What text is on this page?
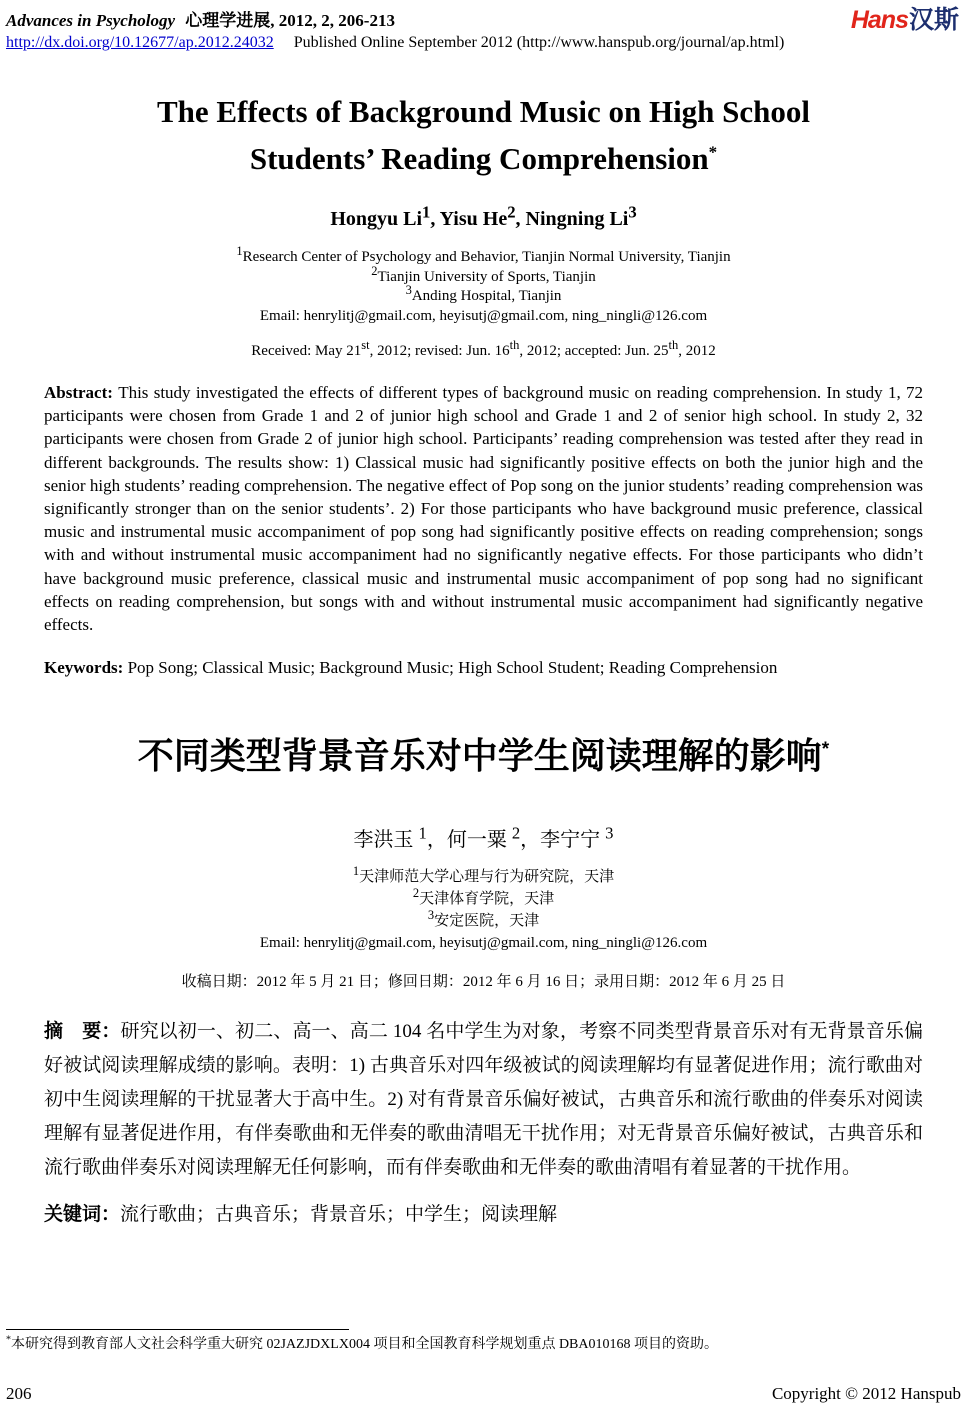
Advances in Psychology 心理学进展, 2012, 2, 206-213
http://dx.doi.org/10.12677/ap.2012.24032 Published Online September 2012 (http://www.hanspub.org/journal/ap.html)
Hans汉斯
The Effects of Background Music on High School
Students’ Reading Comprehension*
Hongyu Li$^1$, Yisu He$^2$, Ningning Li$^3$
$^1$Research Center of Psychology and Behavior, Tianjin Normal University, Tianjin
$^2$Tianjin University of Sports, Tianjin
$^3$Anding Hospital, Tianjin
Email: henrylitj@gmail.com, heyisutj@gmail.com, ning_ningli@126.com
Received: May 21st, 2012; revised: Jun. 16th, 2012; accepted: Jun. 25th, 2012
Abstract: This study investigated the effects of different types of background music on reading comprehension. In study 1, 72 participants were chosen from Grade 1 and 2 of junior high school and Grade 1 and 2 of senior high school. In study 2, 32 participants were chosen from Grade 2 of junior high school. Participants’ reading comprehension was tested after they read in different backgrounds. The results show: 1) Classical music had significantly positive effects on both the junior high and the senior high students’ reading comprehension. The negative effect of Pop song on the junior students’ reading comprehension was significantly stronger than on the senior students’. 2) For those participants who have background music preference, classical music and instrumental music accompaniment of pop song had significantly positive effects on reading comprehension; songs with and without instrumental music accompaniment had no significantly negative effects. For those participants who didn’t have background music preference, classical music and instrumental music accompaniment of pop song had no significant effects on reading comprehension, but songs with and without instrumental music accompaniment had significantly negative effects.
Keywords: Pop Song; Classical Music; Background Music; High School Student; Reading Comprehension
不同类型背景音乐对中学生阅读理解的影响*
李洪玉 $^1$，何一粟 $^2$，李宁宁 $^3$
$^1$天津师范大学心理与行为研究院，天津
$^2$天津体育学院，天津
$^3$安定医院，天津
Email: henrylitj@gmail.com, heyisutj@gmail.com, ning_ningli@126.com
收稿日期：2012 年 5 月 21 日；修回日期：2012 年 6 月 16 日；录用日期：2012 年 6 月 25 日
摘　要：研究以初一、初二、高一、高二 104 名中学生为对象，考察不同类型背景音乐对有无背景音乐偏好被试阅读理解成绩的影响。表明：1) 古典音乐对四年级被试的阅读理解均有显著促进作用；流行歌曲对初中生阅读理解的干扰显著大于高中生。2) 对有背景音乐偏好被试，古典音乐和流行歌曲的伴奏乐对阅读理解有显著促进作用，有伴奏歌曲和无伴奏的歌曲清唱无干扰作用；对无背景音乐偏好被试，古典音乐和流行歌曲伴奏乐对阅读理解无任何影响，而有伴奏歌曲和无伴奏的歌曲清唱有着显著的干扰作用。
关键词：流行歌曲；古典音乐；背景音乐；中学生；阅读理解
*本研究得到教育部人文社会科学重大研究 02JAZJDXLX004 项目和全国教育科学规划重点 DBA010168 项目的资助。
206	Copyright © 2012 Hanspub
